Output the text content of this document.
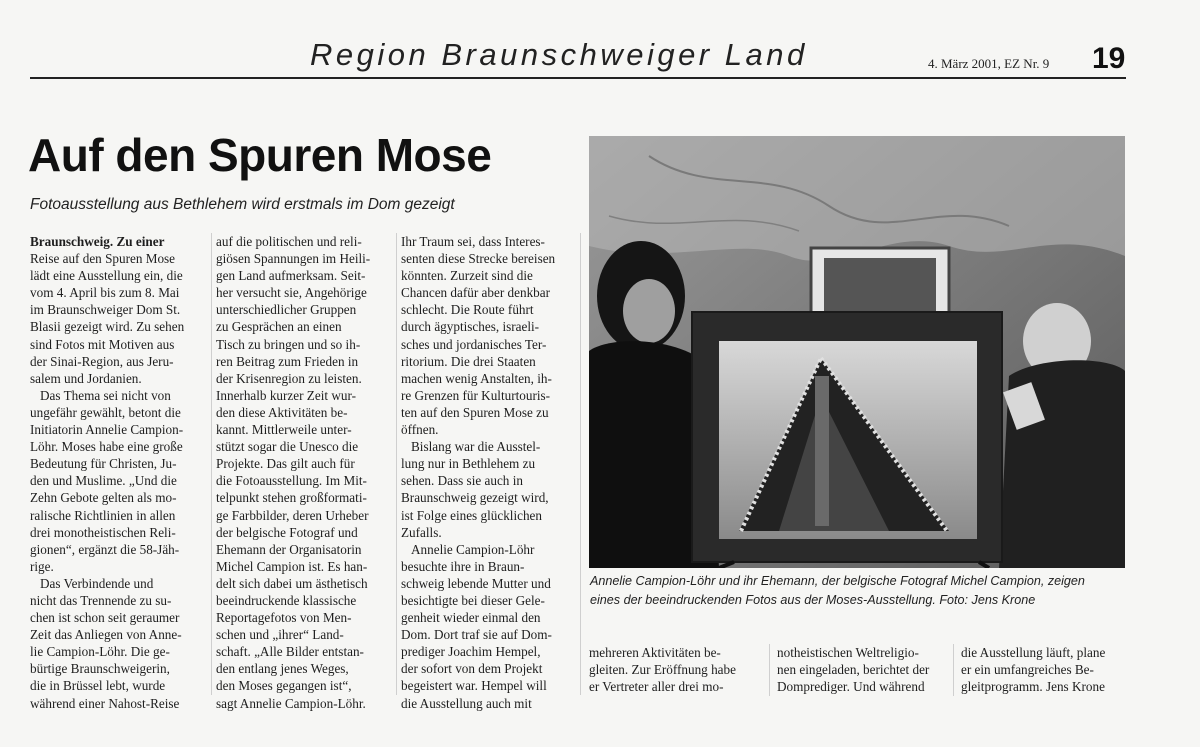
Region Braunschweiger Land	4. März 2001, EZ Nr. 9 19
Auf den Spuren Mose
Fotoausstellung aus Bethlehem wird erstmals im Dom gezeigt
Braunschweig. Zu einer
Reise auf den Spuren Mose
lädt eine Ausstellung ein, die
vom 4. April bis zum 8. Mai
im Braunschweiger Dom St.
Blasii gezeigt wird. Zu sehen
sind Fotos mit Motiven aus
der Sinai-Region, aus Jeru-
salem und Jordanien.
Das Thema sei nicht von
ungefähr gewählt, betont die
Initiatorin Annelie Campion-
Löhr. Moses habe eine große
Bedeutung für Christen, Ju-
den und Muslime. „Und die
Zehn Gebote gelten als mo-
ralische Richtlinien in allen
drei monotheistischen Reli-
gionen“, ergänzt die 58-Jäh-
rige.
Das Verbindende und
nicht das Trennende zu su-
chen ist schon seit geraumer
Zeit das Anliegen von Anne-
lie Campion-Löhr. Die ge-
bürtige Braunschweigerin,
die in Brüssel lebt, wurde
während einer Nahost-Reise
auf die politischen und reli-
giösen Spannungen im Heili-
gen Land aufmerksam. Seit-
her versucht sie, Angehörige
unterschiedlicher Gruppen
zu Gesprächen an einen
Tisch zu bringen und so ih-
ren Beitrag zum Frieden in
der Krisenregion zu leisten.
Innerhalb kurzer Zeit wur-
den diese Aktivitäten be-
kannt. Mittlerweile unter-
stützt sogar die Unesco die
Projekte. Das gilt auch für
die Fotoausstellung. Im Mit-
telpunkt stehen großformati-
ge Farbbilder, deren Urheber
der belgische Fotograf und
Ehemann der Organisatorin
Michel Campion ist. Es han-
delt sich dabei um ästhetisch
beeindruckende klassische
Reportagefotos von Men-
schen und „ihrer“ Land-
schaft. „Alle Bilder entstan-
den entlang jenes Weges,
den Moses gegangen ist“,
sagt Annelie Campion-Löhr.
Ihr Traum sei, dass Interes-
senten diese Strecke bereisen
könnten. Zurzeit sind die
Chancen dafür aber denkbar
schlecht. Die Route führt
durch ägyptisches, israeli-
sches und jordanisches Ter-
ritorium. Die drei Staaten
machen wenig Anstalten, ih-
re Grenzen für Kulturtouris-
ten auf den Spuren Mose zu
öffnen.
Bislang war die Ausstel-
lung nur in Bethlehem zu
sehen. Dass sie auch in
Braunschweig gezeigt wird,
ist Folge eines glücklichen
Zufalls.
Annelie Campion-Löhr
besuchte ihre in Braun-
schweig lebende Mutter und
besichtigte bei dieser Gele-
genheit wieder einmal den
Dom. Dort traf sie auf Dom-
prediger Joachim Hempel,
der sofort von dem Projekt
begeistert war. Hempel will
die Ausstellung auch mit
Annelie Campion-Löhr und ihr Ehemann, der belgische Fotograf Michel Campion, zeigen
eines der beeindruckenden Fotos aus der Moses-Ausstellung. Foto: Jens Krone
mehreren Aktivitäten be-
gleiten. Zur Eröffnung habe
er Vertreter aller drei mo-
notheistischen Weltreligio-
nen eingeladen, berichtet der
Domprediger. Und während
die Ausstellung läuft, plane
er ein umfangreiches Be-
gleitprogramm. Jens Krone
